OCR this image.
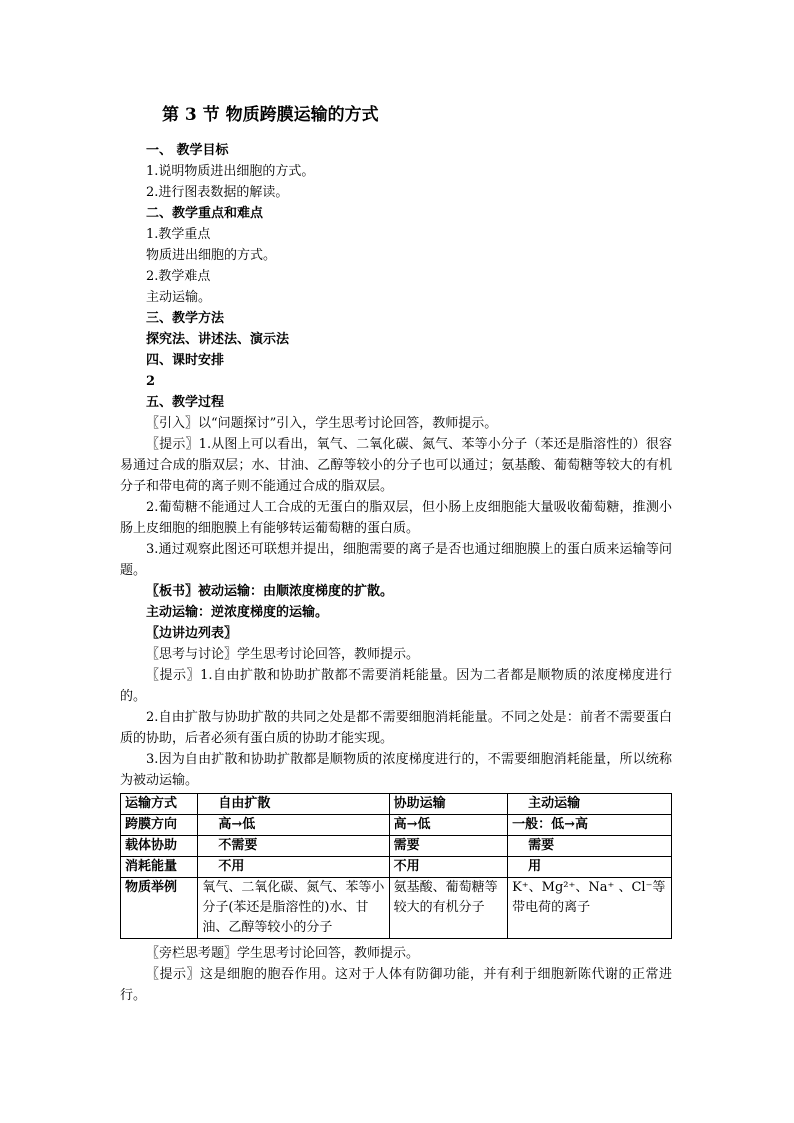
第 3 节 物质跨膜运输的方式
一、 教学目标
1.说明物质进出细胞的方式。
2.进行图表数据的解读。
二、教学重点和难点
1.教学重点
物质进出细胞的方式。
2.教学难点
主动运输。
三、教学方法
探究法、讲述法、演示法
四、课时安排
2
五、教学过程
〖引入〗以“问题探讨”引入，学生思考讨论回答，教师提示。
〖提示〗1.从图上可以看出，氧气、二氧化碳、氮气、苯等小分子（苯还是脂溶性的）很容易通过合成的脂双层；水、甘油、乙醇等较小的分子也可以通过；氨基酸、葡萄糖等较大的有机分子和带电荷的离子则不能通过合成的脂双层。
2.葡萄糖不能通过人工合成的无蛋白的脂双层，但小肠上皮细胞能大量吸收葡萄糖，推测小肠上皮细胞的细胞膜上有能够转运葡萄糖的蛋白质。
3.通过观察此图还可联想并提出，细胞需要的离子是否也通过细胞膜上的蛋白质来运输等问题。
〖板书〗被动运输：由顺浓度梯度的扩散。
主动运输：逆浓度梯度的运输。
〖边讲边列表〗
〖思考与讨论〗学生思考讨论回答，教师提示。
〖提示〗1.自由扩散和协助扩散都不需要消耗能量。因为二者都是顺物质的浓度梯度进行的。
2.自由扩散与协助扩散的共同之处是都不需要细胞消耗能量。不同之处是：前者不需要蛋白质的协助，后者必须有蛋白质的协助才能实现。
3.因为自由扩散和协助扩散都是顺物质的浓度梯度进行的，不需要细胞消耗能量，所以统称为被动运输。
运输方式	自由扩散	协助运输	主动运输
跨膜方向	高→低	高→低	一般：低→高
载体协助	不需要	需要	需要
消耗能量	不用	不用	用
物质举例	氧气、二氧化碳、氮气、苯等小分子(苯还是脂溶性的)水、甘油、乙醇等较小的分子	氨基酸、葡萄糖等较大的有机分子	K⁺、Mg²⁺、Na⁺ 、Cl⁻等带电荷的离子
〖旁栏思考题〗学生思考讨论回答，教师提示。
〖提示〗这是细胞的胞吞作用。这对于人体有防御功能，并有利于细胞新陈代谢的正常进行。
